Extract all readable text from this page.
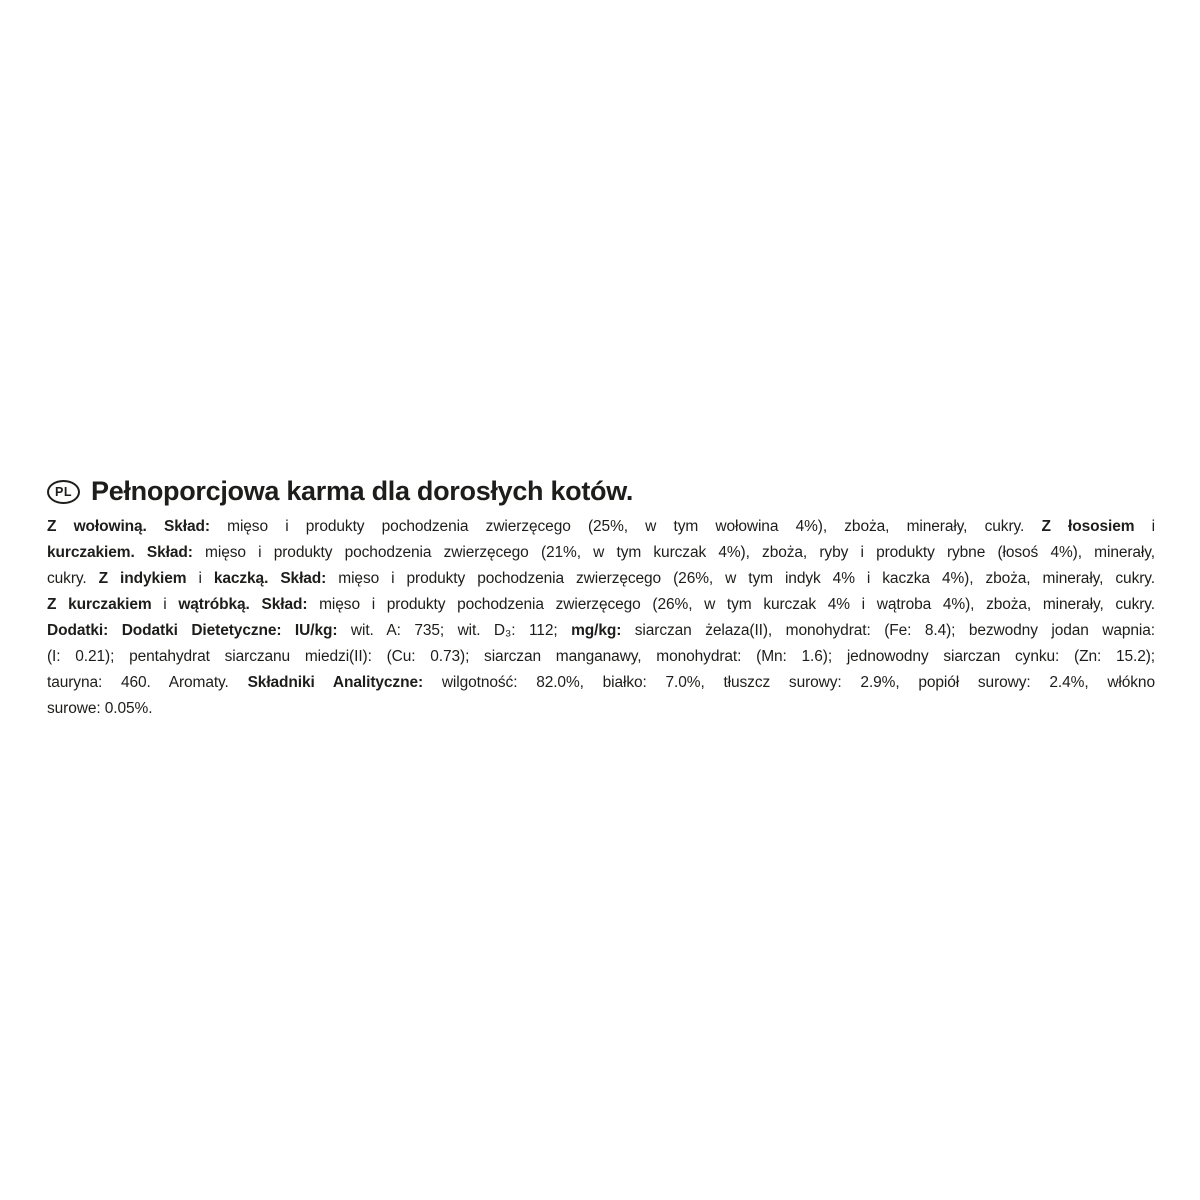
PL Pełnoporcjowa karma dla dorosłych kotów.
Z wołowiną. Skład: mięso i produkty pochodzenia zwierzęcego (25%, w tym wołowina 4%), zboża, minerały, cukry. Z łososiem i
kurczakiem. Skład: mięso i produkty pochodzenia zwierzęcego (21%, w tym kurczak 4%), zboża, ryby i produkty rybne (łosoś 4%), minerały,
cukry. Z indykiem i kaczką. Skład: mięso i produkty pochodzenia zwierzęcego (26%, w tym indyk 4% i kaczka 4%), zboża, minerały, cukry.
Z kurczakiem i wątróbką. Skład: mięso i produkty pochodzenia zwierzęcego (26%, w tym kurczak 4% i wątroba 4%), zboża, minerały, cukry.
Dodatki: Dodatki Dietetyczne: IU/kg: wit. A: 735; wit. D₃: 112; mg/kg: siarczan żelaza(II), monohydrat: (Fe: 8.4); bezwodny jodan wapnia:
(I: 0.21); pentahydrat siarczanu miedzi(II): (Cu: 0.73); siarczan manganawy, monohydrat: (Mn: 1.6); jednowodny siarczan cynku: (Zn: 15.2);
tauryna: 460. Aromaty. Składniki Analityczne: wilgotność: 82.0%, białko: 7.0%, tłuszcz surowy: 2.9%, popiół surowy: 2.4%, włókno
surowe: 0.05%.
